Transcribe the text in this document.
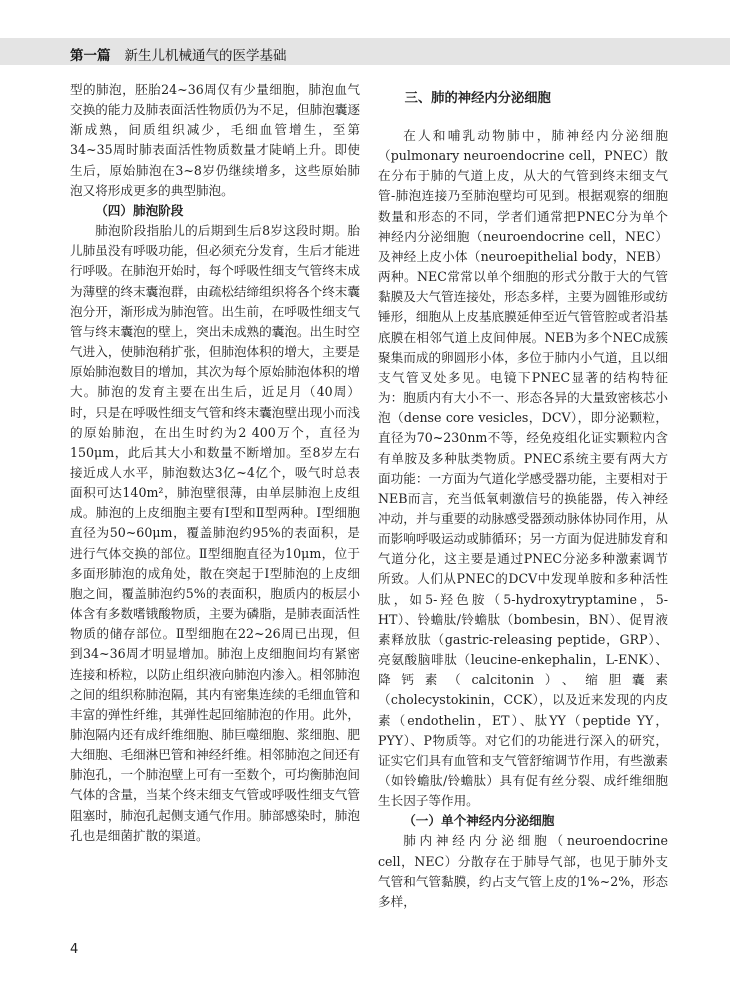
第一篇 新生儿机械通气的医学基础

型的肺泡，胚胎24~36周仅有少量细胞，肺泡血气交换的能力及肺表面活性物质仍为不足，但肺泡囊逐渐成熟，间质组织减少，毛细血管增生，至第34~35周时肺表面活性物质数量才陡峭上升。即使生后，原始肺泡在3~8岁仍继续增多，这些原始肺泡又将形成更多的典型肺泡。

（四）肺泡阶段

肺泡阶段指胎儿的后期到生后8岁这段时期。胎儿肺虽没有呼吸功能，但必须充分发育，生后才能进行呼吸。在肺泡开始时，每个呼吸性细支气管终末成为薄壁的终末囊泡群，由疏松结缔组织将各个终末囊泡分开，渐形成为肺泡管。出生前，在呼吸性细支气管与终末囊泡的壁上，突出未成熟的囊泡。出生时空气进入，使肺泡稍扩张，但肺泡体积的增大，主要是原始肺泡数目的增加，其次为每个原始肺泡体积的增大。肺泡的发育主要在出生后，近足月（40周）时，只是在呼吸性细支气管和终末囊泡壁出现小而浅的原始肺泡，在出生时约为2 400万个，直径为150μm，此后其大小和数量不断增加。至8岁左右接近成人水平，肺泡数达3亿~4亿个，吸气时总表面积可达140m²，肺泡壁很薄，由单层肺泡上皮组成。肺泡的上皮细胞主要有Ⅰ型和Ⅱ型两种。Ⅰ型细胞直径为50~60μm，覆盖肺泡约95%的表面积，是进行气体交换的部位。Ⅱ型细胞直径为10μm，位于多面形肺泡的成角处，散在突起于Ⅰ型肺泡的上皮细胞之间，覆盖肺泡约5%的表面积，胞质内的板层小体含有多数嗜锇酸物质，主要为磷脂，是肺表面活性物质的储存部位。Ⅱ型细胞在22~26周已出现，但到34~36周才明显增加。肺泡上皮细胞间均有紧密连接和桥粒，以防止组织液向肺泡内渗入。相邻肺泡之间的组织称肺泡隔，其内有密集连续的毛细血管和丰富的弹性纤维，其弹性起回缩肺泡的作用。此外，肺泡隔内还有成纤维细胞、肺巨噬细胞、浆细胞、肥大细胞、毛细淋巴管和神经纤维。相邻肺泡之间还有肺泡孔，一个肺泡壁上可有一至数个，可均衡肺泡间气体的含量，当某个终末细支气管或呼吸性细支气管阻塞时，肺泡孔起侧支通气作用。肺部感染时，肺泡孔也是细菌扩散的渠道。

三、肺的神经内分泌细胞

在人和哺乳动物肺中，肺神经内分泌细胞（pulmonary neuroendocrine cell，PNEC）散在分布于肺的气道上皮，从大的气管到终末细支气管-肺泡连接乃至肺泡壁均可见到。根据观察的细胞数量和形态的不同，学者们通常把PNEC分为单个神经内分泌细胞（neuroendocrine cell，NEC）及神经上皮小体（neuroepithelial body，NEB）两种。NEC常常以单个细胞的形式分散于大的气管黏膜及大气管连接处，形态多样，主要为圆锥形或纺锤形，细胞从上皮基底膜延伸至近气管管腔或者沿基底膜在相邻气道上皮间伸展。NEB为多个NEC成簇聚集而成的卵圆形小体，多位于肺内小气道，且以细支气管叉处多见。电镜下PNEC显著的结构特征为：胞质内有大小不一、形态各异的大量致密核芯小泡（dense core vesicles，DCV），即分泌颗粒，直径为70~230nm不等，经免疫组化证实颗粒内含有单胺及多种肽类物质。PNEC系统主要有两大方面功能：一方面为气道化学感受器功能，主要相对于NEB而言，充当低氧刺激信号的换能器，传入神经冲动，并与重要的动脉感受器颈动脉体协同作用，从而影响呼吸运动或肺循环；另一方面为促进肺发育和气道分化，这主要是通过PNEC分泌多种激素调节所致。人们从PNEC的DCV中发现单胺和多种活性肽，如5-羟色胺（5-hydroxytryptamine，5-HT）、铃蟾肽/铃蟾肽（bombesin，BN）、促胃液素释放肽（gastric-releasing peptide，GRP）、亮氨酸脑啡肽（leucine-enkephalin，L-ENK）、降钙素（calcitonin）、缩胆囊素（cholecystokinin，CCK），以及近来发现的内皮素（endothelin，ET）、肽YY（peptide YY，PYY）、P物质等。对它们的功能进行深入的研究，证实它们具有血管和支气管舒缩调节作用，有些激素（如铃蟾肽/铃蟾肽）具有促有丝分裂、成纤维细胞生长因子等作用。

（一）单个神经内分泌细胞

肺内神经内分泌细胞（neuroendocrine cell，NEC）分散存在于肺导气部，也见于肺外支气管和气管黏膜，约占支气管上皮的1%~2%，形态多样，

4
